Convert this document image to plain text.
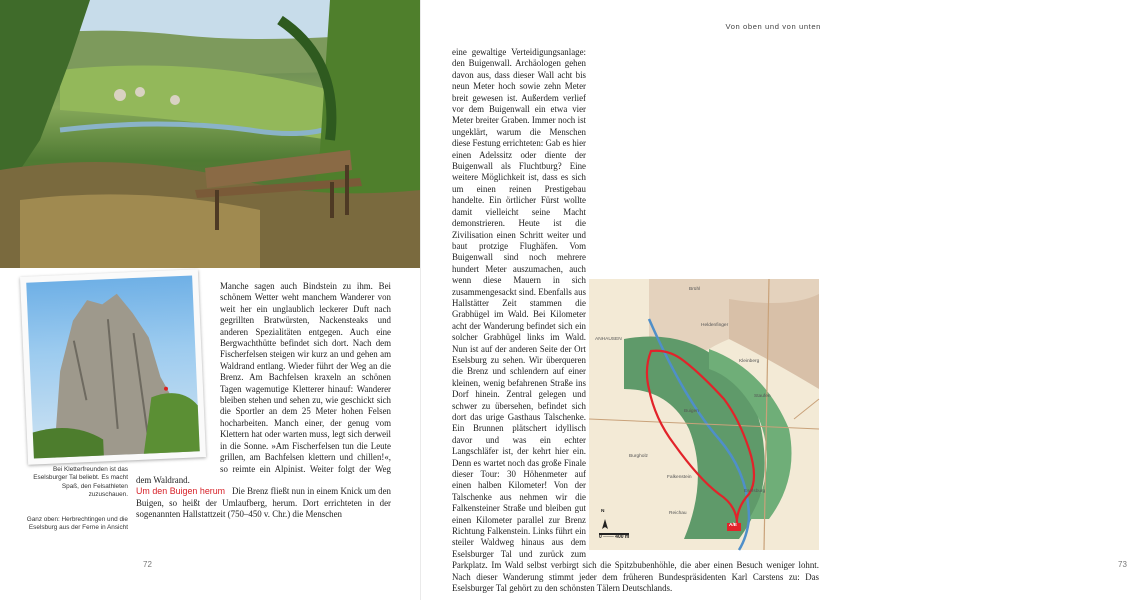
Bei Kletterfreunden ist das Eselsburger Tal beliebt. Es macht Spaß, den Felsathleten zuzuschauen.
Ganz oben: Herbrechtingen und die Eselsburg aus der Ferne in Ansicht

Manche sagen auch Bindstein zu ihm. Bei schönem Wetter weht manchem Wanderer von weit her ein unglaublich leckerer Duft nach gegrillten Bratwürsten, Nackensteaks und anderen Spezialitäten entgegen. Auch eine Bergwachthütte befindet sich dort. Nach dem Fischerfelsen steigen wir kurz an und gehen am Waldrand entlang. Wieder führt der Weg an die Brenz. Am Bachfelsen kraxeln an schönen Tagen wagemutige Kletterer hinauf: Wanderer bleiben stehen und sehen zu, wie geschickt sich die Sportler an dem 25 Meter hohen Felsen hocharbeiten. Manch einer, der genug vom Klettern hat oder warten muss, legt sich derweil in die Sonne. »Am Fischerfelsen tun die Leute grillen, am Bachfelsen klettern und chillen!«, so reimte ein Alpinist. Weiter folgt der Weg dem Waldrand.

Um den Buigen herum Die Brenz fließt nun in einem Knick um den Buigen, so heißt der Umlaufberg, herum. Dort errichteten in der sogenannten Hallstattzeit (750–450 v. Chr.) die Menschen

72
Von oben und von unten
73

eine gewaltige Verteidigungsanlage: den Buigenwall. Archäologen gehen davon aus, dass dieser Wall acht bis neun Meter hoch sowie zehn Meter breit gewesen ist. Außerdem verlief vor dem Buigenwall ein etwa vier Meter breiter Graben. Immer noch ist ungeklärt, warum die Menschen diese Festung errichteten: Gab es hier einen Adelssitz oder diente der Buigenwall als Fluchtburg? Eine weitere Möglichkeit ist, dass es sich um einen reinen Prestigebau handelte. Ein örtlicher Fürst wollte damit vielleicht seine Macht demonstrieren. Heute ist die Zivilisation einen Schritt weiter und baut protzige Flughäfen. Vom Buigenwall sind noch mehrere hundert Meter auszumachen, auch wenn diese Mauern in sich zusammengesackt sind. Ebenfalls aus Hallstätter Zeit stammen die Grabhügel im Wald. Bei Kilometer acht der Wanderung befindet sich ein solcher Grabhügel links im Wald. Nun ist auf der anderen Seite der Ort Eselsburg zu sehen. Wir überqueren die Brenz und schlendern auf einer kleinen, wenig befahrenen Straße ins Dorf hinein. Zentral gelegen und schwer zu übersehen, befindet sich dort das urige Gasthaus Talschenke. Ein Brunnen plätschert idyllisch davor und was ein echter Langschläfer ist, der kehrt hier ein. Denn es wartet noch das große Finale dieser Tour: 30 Höhenmeter auf einen halben Kilometer! Von der Talschenke aus nehmen wir die Falkensteiner Straße und bleiben gut einen Kilometer parallel zur Brenz Richtung Falkenstein. Links führt ein steiler Waldweg hinaus aus dem Eselsburger Tal und zurück zum Parkplatz. Im Wald selbst verbirgt sich die Spitzbubenhöhle, die aber einen Besuch weniger lohnt. Nach dieser Wanderung stimmt jeder dem früheren Bundespräsidenten Karl Carstens zu: Das Eselsburger Tal gehört zu den schönsten Tälern Deutschlands.

Brühl
ANHAUSEN
Heldenfinger
Kleinberg
Staufen
Eselsburg
Buigen
Burgholz
Falkenstein
Reichau
A/E
N
0 ─── 400 m
